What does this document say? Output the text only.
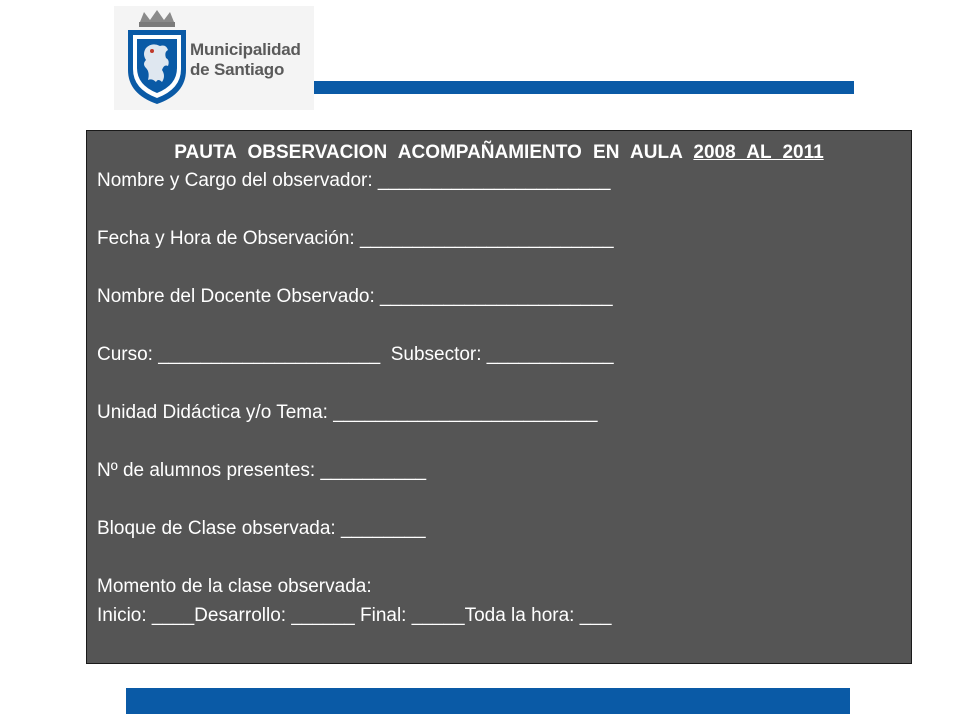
Municipalidad
de Santiago
PAUTA OBSERVACION ACOMPAÑAMIENTO EN AULA 2008 AL 2011
Nombre y Cargo del observador: ______________________
Fecha y Hora de Observación: ________________________
Nombre del Docente Observado: ______________________
Curso: _____________________  Subsector: ____________
Unidad Didáctica y/o Tema: _________________________
Nº de alumnos presentes: __________
Bloque de Clase observada: ________
Momento de la clase observada:
Inicio: ____Desarrollo: ______ Final: _____Toda la hora: ___
